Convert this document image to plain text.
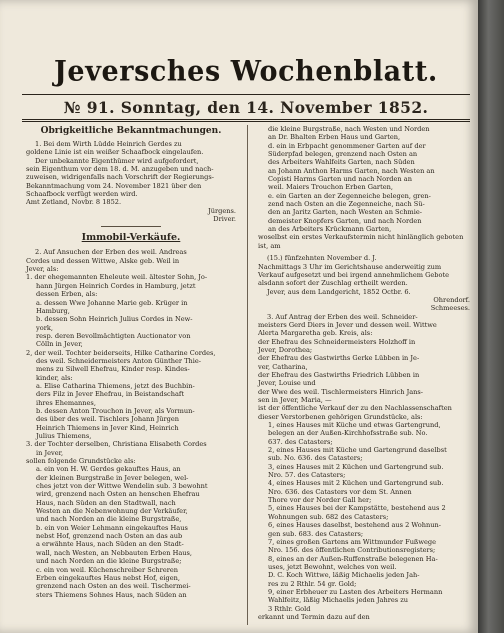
Jeversches Wochenblatt.
№ 91. Sonntag, den 14. November 1852.
Obrigkeitliche Bekanntmachungen.

1. Bei dem Wirth Lüdde Heinrich Gerdes zu

goldene Linie ist ein weißer Schaafbock eingelaufen.

Der unbekannte Eigenthümer wird aufgefordert,

sein Eigenthum vor dem 18. d. M. anzugeben und nach-

zuweisen, widrigenfalls nach Vorschrift der Regierungs-

Bekanntmachung vom 24. November 1821 über den

Schaafbock verfügt werden wird.

Amt Zetland, Novbr. 8 1852.

Jürgens.

Driver.

Immobil-Verkäufe.

2. Auf Ansuchen der Erben des weil. Andreas

Cordes und dessen Wittwe, Alske geb. Weil in

Jever, als:

1. der ehegemannten Eheleute weil. ältester Sohn, Jo-

hann Jürgen Heinrich Cordes in Hamburg, jetzt

dessen Erben, als:

a. dessen Wwe Johanne Marie geb. Krüger in

Hamburg,

b. dessen Sohn Heinrich Julius Cordes in New-

york,

resp. deren Bevollmächtigten Auctionator von

Cölln in Jever,

2, der weil. Tochter beiderseits, Hilke Catharine Cordes,

des weil. Schneidermeisters Anton Günther Thie-

mens zu Silwell Ehefrau, Kinder resp. Kindes-

kinder, als:

a. Elise Catharina Thiemens, jetzt des Buchbin-

ders Filz in Jever Ehefrau, in Beistandschaft

ihres Ehemannes,

b. dessen Anton Trouchon in Jever, als Vormun-

des über des weil. Tischlers Johann Jürgen

Heinrich Thiemens in Jever Kind, Heinrich

Julius Thiemens,

3. der Tochter derselben, Christiana Elisabeth Cordes

in Jever,

sollen folgende Grundstücke als:

a. ein von H. W. Gerdes gekauftes Haus, an

der kleinen Burgstraße in Jever belegen, wel-

ches jetzt von der Wittwe Wendelin sub. 3 bewohnt

wird, grenzend nach Osten an henschen Ehefrau

Haus, nach Süden an den Stadtwall, nach

Westen an die Nebenwohnung der Verkäufer,

und nach Norden an die kleine Burgstraße,

b. ein von Weier Lehmann eingekauftes Haus

nebst Hof, grenzend nach Osten an das aub

a erwähnte Haus, nach Süden an den Stadt-

wall, nach Westen, an Nebbauten Erben Haus,

und nach Norden an die kleine Burgstraße;

c. ein von weil. Küchenschreiber Schreren

Erben eingekauftes Haus nebst Hof, eigen,

grenzend nach Osten an des weil. Tischermei-

sters Thiemens Sohnes Haus, nach Süden an

die kleine Burgstraße, nach Westen und Norden

an Dr. Bhalten Erben Haus und Garten,

d. ein in Erbpacht genommener Garten auf der

Süderpfad belegen, grenzend nach Osten an

des Arbeiters Wahlfeits Garten, nach Süden

an Johann Anthon Harms Garten, nach Westen an

Copisti Harms Garten und nach Norden an

weil. Maiers Trouchon Erben Garten,

e. ein Garten an der Zegenneiche belegen, gren-

zend nach Osten an die Zegenneiche, nach Sü-

den an Jaritz Garten, nach Westen an Schmie-

demeister Knopfers Garten, und nach Norden

an des Arbeiters Krückmann Garten,

woselbst ein erstes Verkaufstermin nicht hinlänglich geboten

ist, am

(15.) fünfzehnten November d. J.

Nachmittags 3 Uhr im Gerichtshause anderweitig zum

Verkauf aufgesetzt und bei irgend annehmlichem Gebote

alsdann sofort der Zuschlag ertheilt werden.

Jever, aus dem Landgericht, 1852 Octbr. 6.

Ohrendorf.

Schmeeses.

3. Auf Antrag der Erben des weil. Schneider-

meisters Gerd Diers in Jever und dessen weil. Wittwe

Alerta Margaretha geb. Kreis, als:

der Ehefrau des Schneidermeisters Holzhoff in

Jever, Dorothea;

der Ehefrau des Gastwirths Gerke Lübben in Je-

ver, Catharina,

der Ehefrau des Gastwirths Friedrich Lübben in

Jever, Louise und

der Wwe des weil. Tischlermeisters Hinrich Jans-

sen in Jever, Maria, —

ist der öffentliche Verkauf der zu den Nachlassenschaften

dieser Verstorbenen gehörigen Grundstücke, als:

1, eines Hauses mit Küche und etwas Gartengrund,

belegen an der Außen-Kirchhofsstraße sub. No.

637. des Catasters;

2, eines Hauses mit Küche und Gartengrund daselbst

sub. No. 636. des Catasters;

3, eines Hauses mit 2 Küchen und Gartengrund sub.

Nro. 57. des Catasters;

4, eines Hauses mit 2 Küchen und Gartengrund sub.

Nro. 636. des Catasters vor dem St. Annen

Thore vor der Norder Gall her;

5, eines Hauses bei der Kampstätte, bestehend aus 2

Wohnungen sub. 682 des Catasters;

6, eines Hauses daselbst, bestehend aus 2 Wohnun-

gen sub. 683. des Catasters;

7, eines großen Gartens am Wittmunder Fußwege

Nro. 156. des öffentlichen Contributionsregisters;

8, eines an der Außen-Ruffenstraße belegenen Ha-

uses, jetzt Bewohnt, welches von weil.

D. C. Koch Wittwe, läßig Michaelis jeden Jah-

res zu 2 Rthlr. 54 gr. Gold;

9, einer Erbheuer zu Lasten des Arbeiters Hermann

Wahlfeitz, läßig Michaelis jeden Jahres zu

3 Rthlr. Gold

erkannt und Termin dazu auf den
